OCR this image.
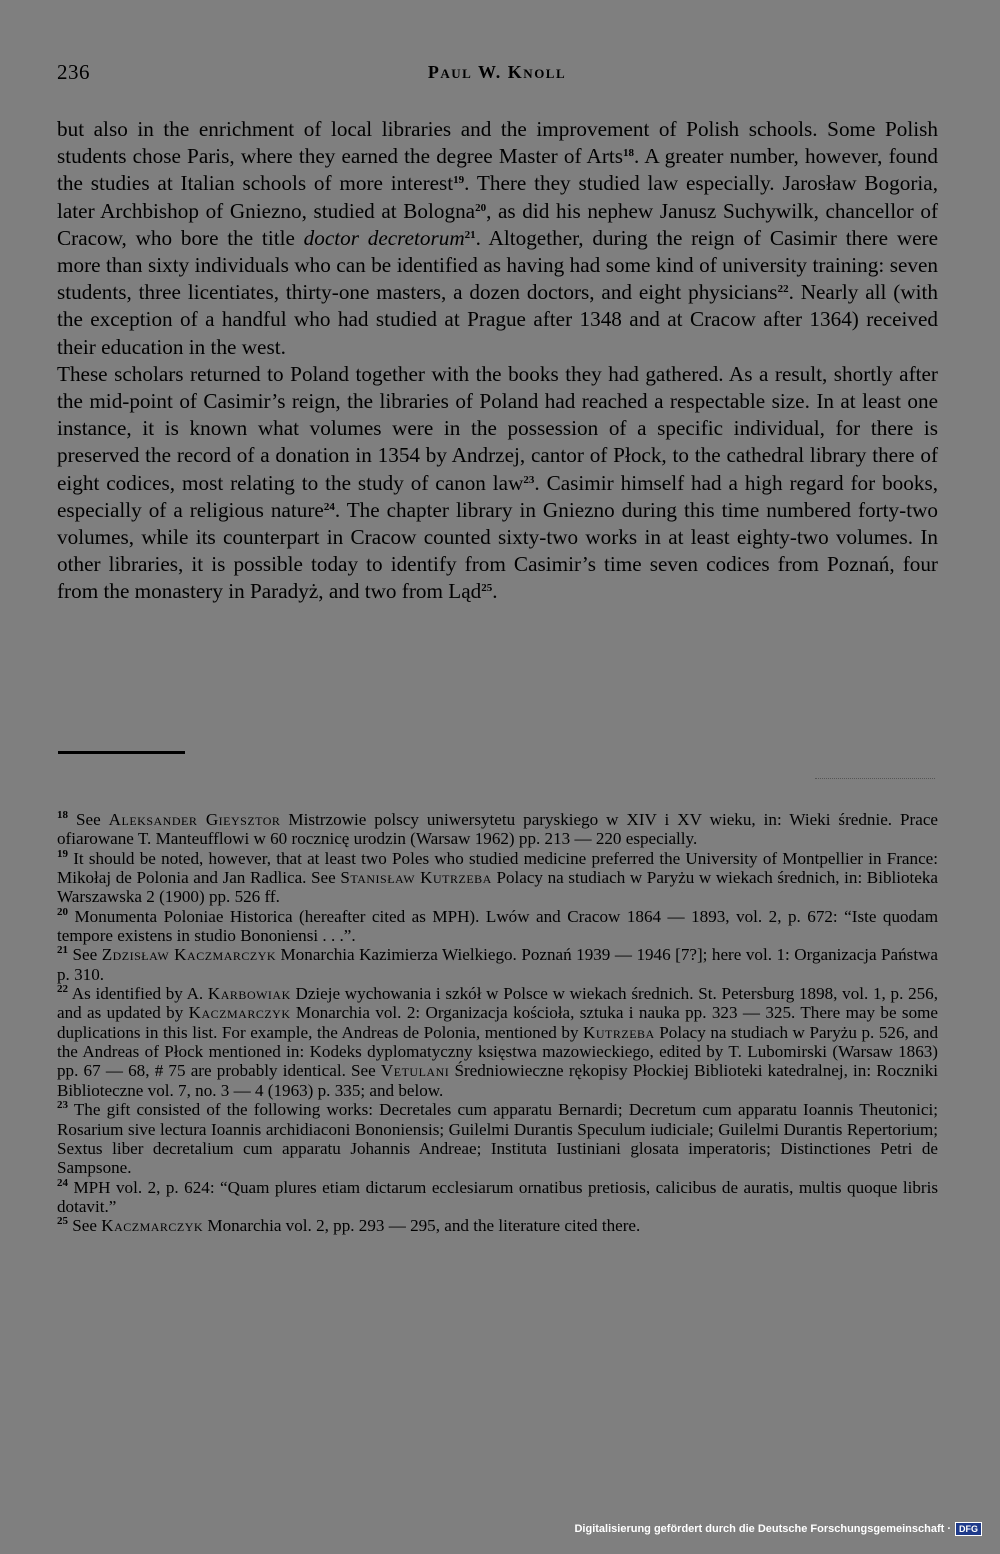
236	Paul W. Knoll

but also in the enrichment of local libraries and the improvement of Polish schools. Some Polish students chose Paris, where they earned the degree Master of Arts$^{18}$. A greater number, however, found the studies at Italian schools of more interest$^{19}$. There they studied law especially. Jarosław Bogoria, later Archbishop of Gniezno, studied at Bologna$^{20}$, as did his nephew Janusz Suchywilk, chancellor of Cracow, who bore the title doctor decretorum$^{21}$. Altogether, during the reign of Casimir there were more than sixty individuals who can be identified as having had some kind of university training: seven students, three licentiates, thirty-one masters, a dozen doctors, and eight physicians$^{22}$. Nearly all (with the exception of a handful who had studied at Prague after 1348 and at Cracow after 1364) received their education in the west.

These scholars returned to Poland together with the books they had gathered. As a result, shortly after the mid-point of Casimir’s reign, the libraries of Poland had reached a respectable size. In at least one instance, it is known what volumes were in the possession of a specific individual, for there is preserved the record of a donation in 1354 by Andrzej, cantor of Płock, to the cathedral library there of eight codices, most relating to the study of canon law$^{23}$. Casimir himself had a high regard for books, especially of a religious nature$^{24}$. The chapter library in Gniezno during this time numbered forty-two volumes, while its counterpart in Cracow counted sixty-two works in at least eighty-two volumes. In other libraries, it is possible today to identify from Casimir’s time seven codices from Poznań, four from the monastery in Paradyż, and two from Ląd$^{25}$.

$^{18}$ See Aleksander Gieysztor Mistrzowie polscy uniwersytetu paryskiego w XIV i XV wieku, in: Wieki średnie. Prace ofiarowane T. Manteufflowi w 60 rocznicę urodzin (Warsaw 1962) pp. 213 — 220 especially.

$^{19}$ It should be noted, however, that at least two Poles who studied medicine preferred the University of Montpellier in France: Mikołaj de Polonia and Jan Radlica. See Stanisław Kutrzeba Polacy na studiach w Paryżu w wiekach średnich, in: Biblioteka Warszawska 2 (1900) pp. 526 ff.

$^{20}$ Monumenta Poloniae Historica (hereafter cited as MPH). Lwów and Cracow 1864 — 1893, vol. 2, p. 672: “Iste quodam tempore existens in studio Bononiensi . . .”.

$^{21}$ See Zdzisław Kaczmarczyk Monarchia Kazimierza Wielkiego. Poznań 1939 — 1946 [7?]; here vol. 1: Organizacja Państwa p. 310.

$^{22}$ As identified by A. Karbowiak Dzieje wychowania i szkół w Polsce w wiekach średnich. St. Petersburg 1898, vol. 1, p. 256, and as updated by Kaczmarczyk Monarchia vol. 2: Organizacja kościoła, sztuka i nauka pp. 323 — 325. There may be some duplications in this list. For example, the Andreas de Polonia, mentioned by Kutrzeba Polacy na studiach w Paryżu p. 526, and the Andreas of Płock mentioned in: Kodeks dyplomatyczny księstwa mazowieckiego, edited by T. Lubomirski (Warsaw 1863) pp. 67 — 68, # 75 are probably identical. See Vetulani Średniowieczne rękopisy Płockiej Biblioteki katedralnej, in: Roczniki Biblioteczne vol. 7, no. 3 — 4 (1963) p. 335; and below.

$^{23}$ The gift consisted of the following works: Decretales cum apparatu Bernardi; Decretum cum apparatu Ioannis Theutonici; Rosarium sive lectura Ioannis archidiaconi Bononiensis; Guilelmi Durantis Speculum iudiciale; Guilelmi Durantis Repertorium; Sextus liber decretalium cum apparatu Johannis Andreae; Instituta Iustiniani glosata imperatoris; Distinctiones Petri de Sampsone.

$^{24}$ MPH vol. 2, p. 624: “Quam plures etiam dictarum ecclesiarum ornatibus pretiosis, calicibus de auratis, multis quoque libris dotavit.”

$^{25}$ See Kaczmarczyk Monarchia vol. 2, pp. 293 — 295, and the literature cited there.

Digitalisierung gefördert durch die Deutsche Forschungsgemeinschaft · DFG
